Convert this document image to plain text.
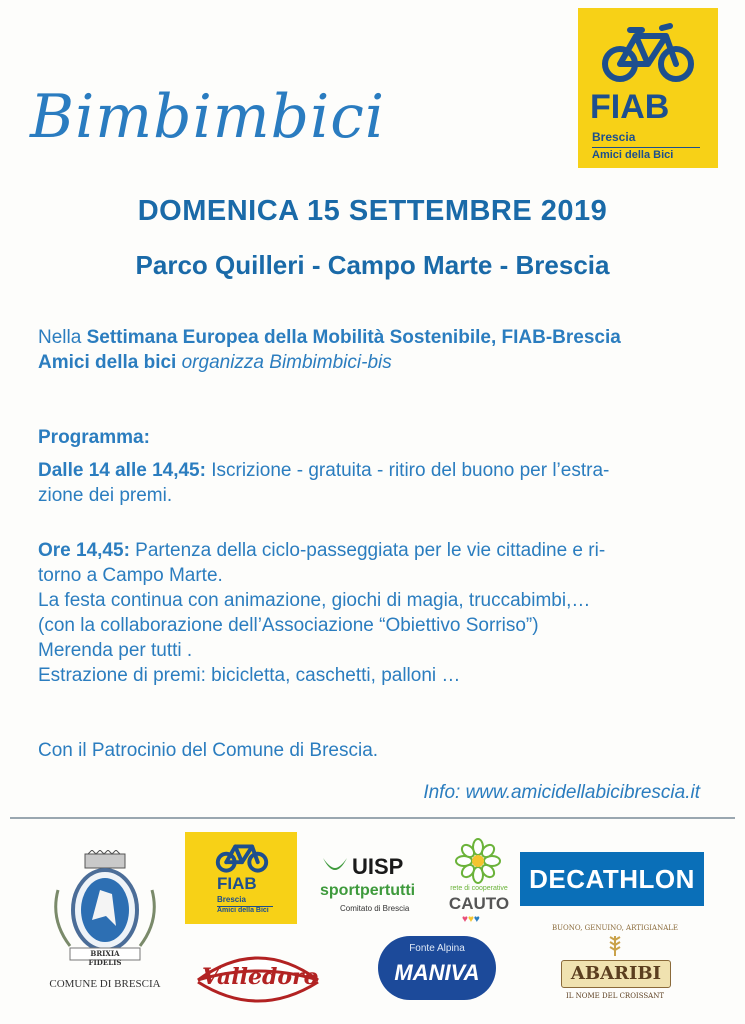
Bimbimbici	FIAB
Brescia
Amici della Bici
DOMENICA 15 SETTEMBRE 2019
Parco Quilleri - Campo Marte - Brescia
Nella Settimana Europea della Mobilità Sostenibile, FIAB-Brescia
Amici della bici organizza Bimbimbici-bis
Programma:
Dalle 14 alle 14,45: Iscrizione - gratuita - ritiro del buono per l’estra-
zione dei premi.
Ore 14,45: Partenza della ciclo-passeggiata per le vie cittadine e ri-
torno a Campo Marte.
La festa continua con animazione, giochi di magia, truccabimbi,…
(con la collaborazione dell’Associazione “Obiettivo Sorriso”)
Merenda per tutti .
Estrazione di premi: bicicletta, caschetti, palloni …
Con il Patrocinio del Comune di Brescia.
Info: www.amicidellabicibrescia.it
BRIXIA FIDELIS
COMUNE DI BRESCIA
FIAB
Brescia
Amici della Bici
UISP
sportpertutti
Comitato di Brescia
rete di cooperative
CAUTO
♥♥♥
DECATHLON
Valledoro
Fonte Alpina
MANIVA
BUONO, GENUINO, ARTIGIANALE
ABARIBI
IL NOME DEL CROISSANT
